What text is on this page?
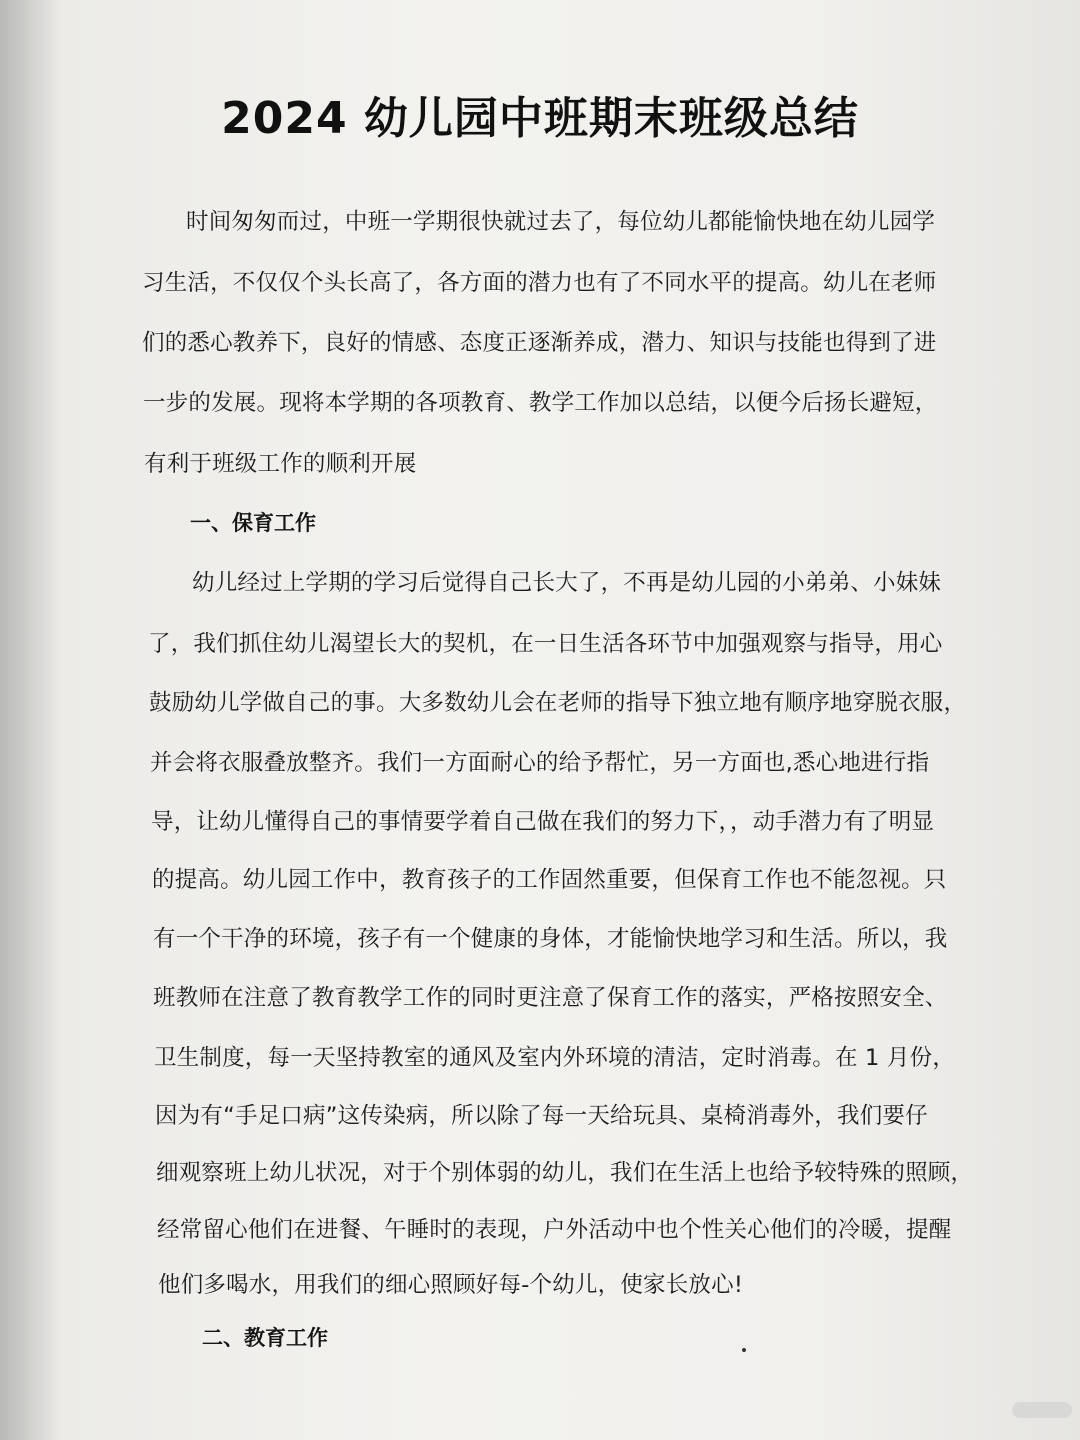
2024 幼儿园中班期末班级总结
时间匆匆而过，中班一学期很快就过去了，每位幼儿都能愉快地在幼儿园学
习生活，不仅仅个头长高了，各方面的潜力也有了不同水平的提高。幼儿在老师
们的悉心教养下，良好的情感、态度正逐渐养成，潜力、知识与技能也得到了进
一步的发展。现将本学期的各项教育、教学工作加以总结，以便今后扬长避短，
有利于班级工作的顺利开展
一、保育工作
幼儿经过上学期的学习后觉得自己长大了，不再是幼儿园的小弟弟、小妹妹
了，我们抓住幼儿渴望长大的契机，在一日生活各环节中加强观察与指导，用心
鼓励幼儿学做自己的事。大多数幼儿会在老师的指导下独立地有顺序地穿脱衣服，
并会将衣服叠放整齐。我们一方面耐心的给予帮忙，另一方面也,悉心地进行指
导，让幼儿懂得自己的事情要学着自己做在我们的努力下，，动手潜力有了明显
的提高。幼儿园工作中，教育孩子的工作固然重要，但保育工作也不能忽视。只
有一个干净的环境，孩子有一个健康的身体，才能愉快地学习和生活。所以，我
班教师在注意了教育教学工作的同时更注意了保育工作的落实，严格按照安全、
卫生制度，每一天坚持教室的通风及室内外环境的清洁，定时消毒。在 1 月份，
因为有“手足口病”这传染病，所以除了每一天给玩具、桌椅消毒外，我们要仔
细观察班上幼儿状况，对于个别体弱的幼儿，我们在生活上也给予较特殊的照顾，
经常留心他们在进餐、午睡时的表现，户外活动中也个性关心他们的冷暖，提醒
他们多喝水，用我们的细心照顾好每-个幼儿，使家长放心!
二、教育工作
